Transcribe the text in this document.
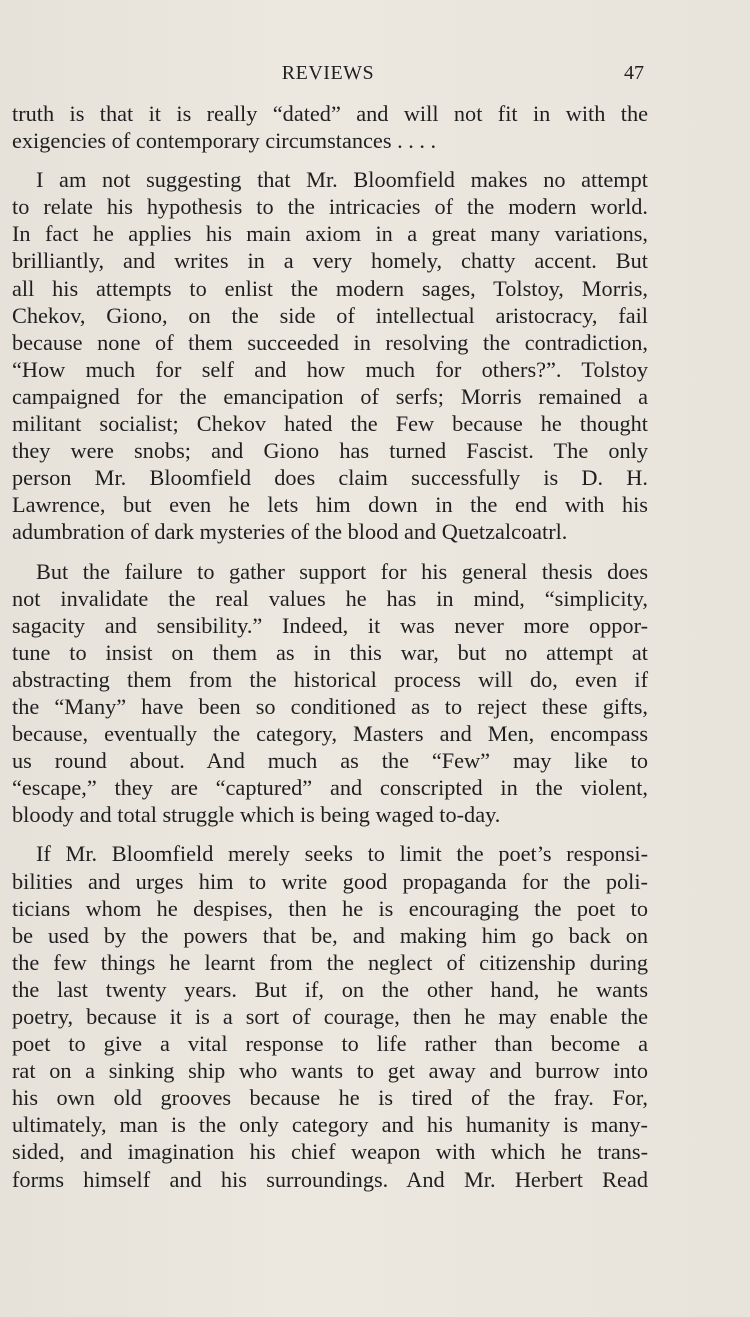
REVIEWS	47
truth is that it is really “dated” and will not fit in with the
exigencies of contemporary circumstances . . . .
I am not suggesting that Mr. Bloomfield makes no attempt
to relate his hypothesis to the intricacies of the modern world.
In fact he applies his main axiom in a great many variations,
brilliantly, and writes in a very homely, chatty accent. But
all his attempts to enlist the modern sages, Tolstoy, Morris,
Chekov, Giono, on the side of intellectual aristocracy, fail
because none of them succeeded in resolving the contradiction,
“How much for self and how much for others?”. Tolstoy
campaigned for the emancipation of serfs; Morris remained a
militant socialist; Chekov hated the Few because he thought
they were snobs; and Giono has turned Fascist. The only
person Mr. Bloomfield does claim successfully is D. H.
Lawrence, but even he lets him down in the end with his
adumbration of dark mysteries of the blood and Quetzalcoatrl.
But the failure to gather support for his general thesis does
not invalidate the real values he has in mind, “simplicity,
sagacity and sensibility.” Indeed, it was never more oppor-
tune to insist on them as in this war, but no attempt at
abstracting them from the historical process will do, even if
the “Many” have been so conditioned as to reject these gifts,
because, eventually the category, Masters and Men, encompass
us round about. And much as the “Few” may like to
“escape,” they are “captured” and conscripted in the violent,
bloody and total struggle which is being waged to-day.
If Mr. Bloomfield merely seeks to limit the poet’s responsi-
bilities and urges him to write good propaganda for the poli-
ticians whom he despises, then he is encouraging the poet to
be used by the powers that be, and making him go back on
the few things he learnt from the neglect of citizenship during
the last twenty years. But if, on the other hand, he wants
poetry, because it is a sort of courage, then he may enable the
poet to give a vital response to life rather than become a
rat on a sinking ship who wants to get away and burrow into
his own old grooves because he is tired of the fray. For,
ultimately, man is the only category and his humanity is many-
sided, and imagination his chief weapon with which he trans-
forms himself and his surroundings. And Mr. Herbert Read
